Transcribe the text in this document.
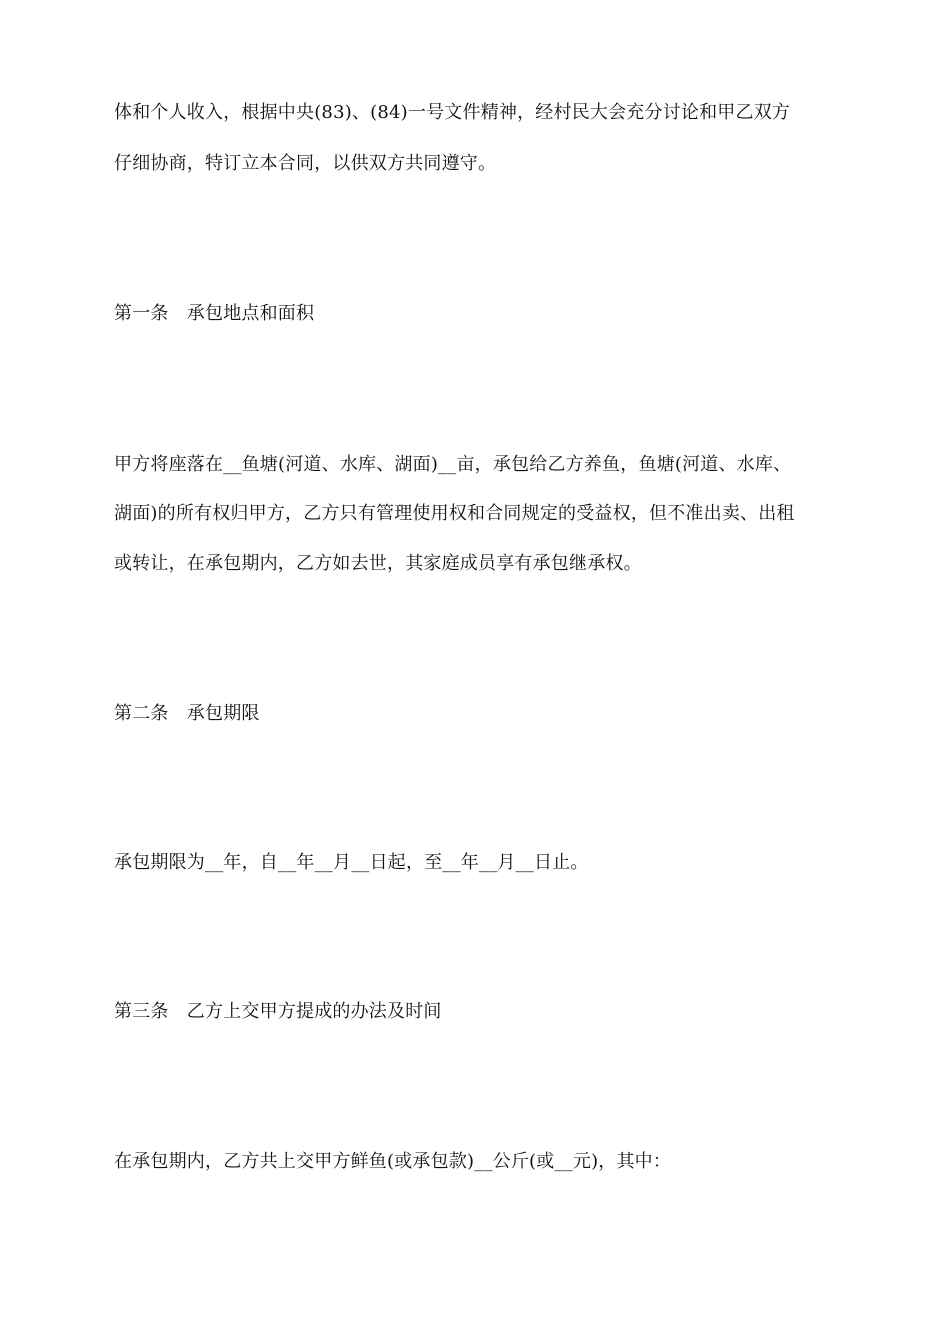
体和个人收入，根据中央(83)、(84)一号文件精神，经村民大会充分讨论和甲乙双方
仔细协商，特订立本合同，以供双方共同遵守。
第一条　承包地点和面积
甲方将座落在__鱼塘(河道、水库、湖面)__亩，承包给乙方养鱼，鱼塘(河道、水库、
湖面)的所有权归甲方，乙方只有管理使用权和合同规定的受益权，但不准出卖、出租
或转让，在承包期内，乙方如去世，其家庭成员享有承包继承权。
第二条　承包期限
承包期限为__年，自__年__月__日起，至__年__月__日止。
第三条　乙方上交甲方提成的办法及时间
在承包期内，乙方共上交甲方鲜鱼(或承包款)__公斤(或__元)，其中：
